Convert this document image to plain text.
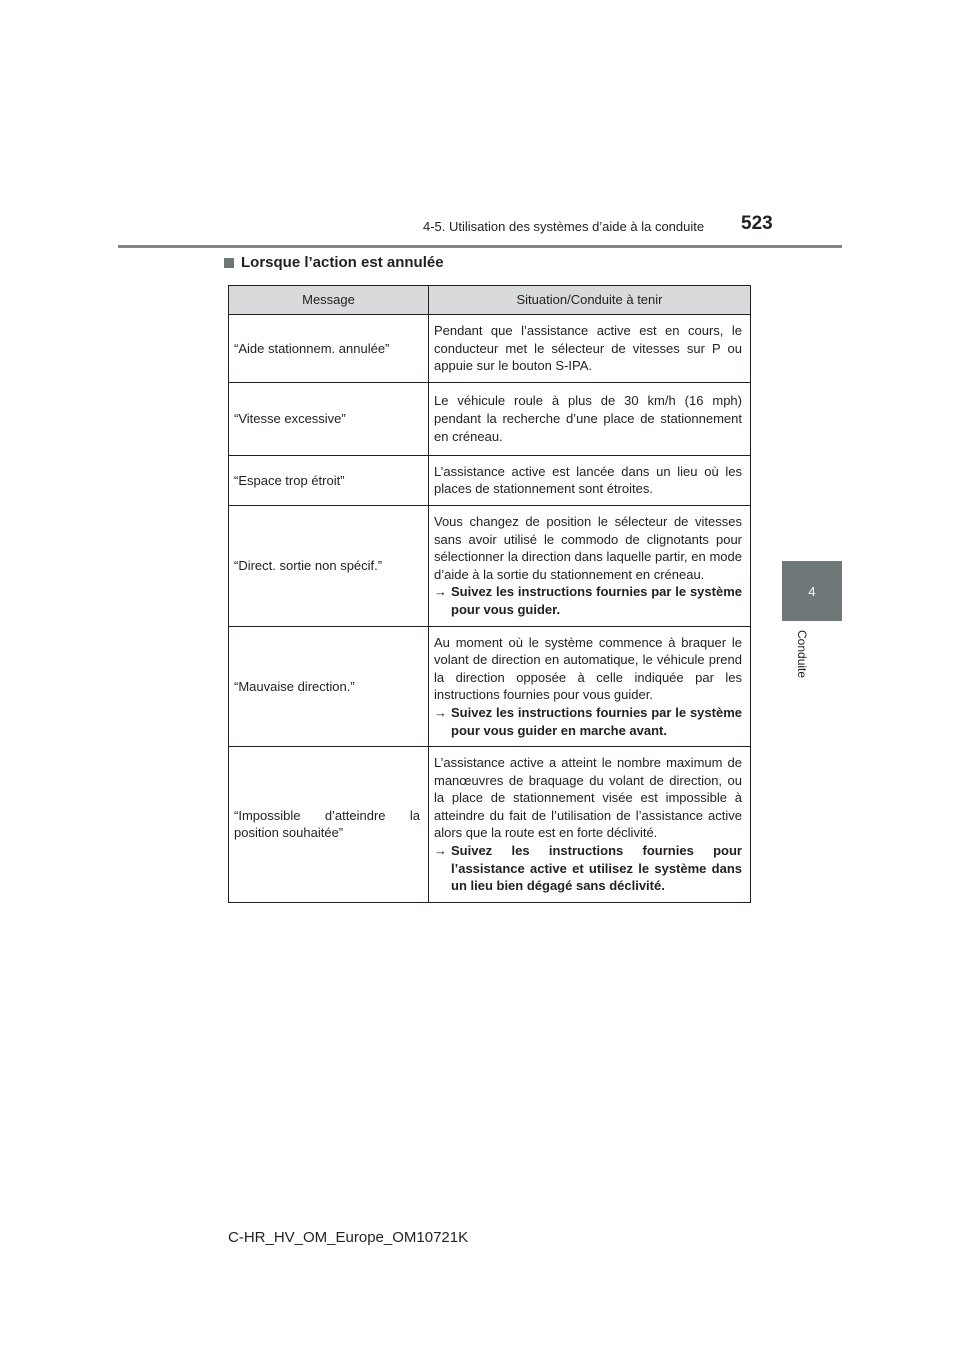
4-5. Utilisation des systèmes d’aide à la conduite 523
4
Conduite
Lorsque l’action est annulée
Message	Situation/Conduite à tenir
“Aide stationnem. annulée”	Pendant que l’assistance active est en cours, le conducteur met le sélecteur de vitesses sur P ou appuie sur le bouton S-IPA.

“Vitesse excessive”	Le véhicule roule à plus de 30 km/h (16 mph) pendant la recherche d’une place de stationnement en créneau.

“Espace trop étroit”	L’assistance active est lancée dans un lieu où les places de stationnement sont étroites.

“Direct. sortie non spécif.”	Vous changez de position le sélecteur de vitesses sans avoir utilisé le commodo de clignotants pour sélectionner la direction dans laquelle partir, en mode d’aide à la sortie du stationnement en créneau.
→ Suivez les instructions fournies par le système pour vous guider.

“Mauvaise direction.”	Au moment où le système commence à braquer le volant de direction en automatique, le véhicule prend la direction opposée à celle indiquée par les instructions fournies pour vous guider.
→ Suivez les instructions fournies par le système pour vous guider en marche avant.

“Impossible d’atteindre la position souhaitée”	L’assistance active a atteint le nombre maximum de manœuvres de braquage du volant de direction, ou la place de stationnement visée est impossible à atteindre du fait de l’utilisation de l’assistance active alors que la route est en forte déclivité.
→ Suivez les instructions fournies pour l’assistance active et utilisez le système dans un lieu bien dégagé sans déclivité.
C-HR_HV_OM_Europe_OM10721K
